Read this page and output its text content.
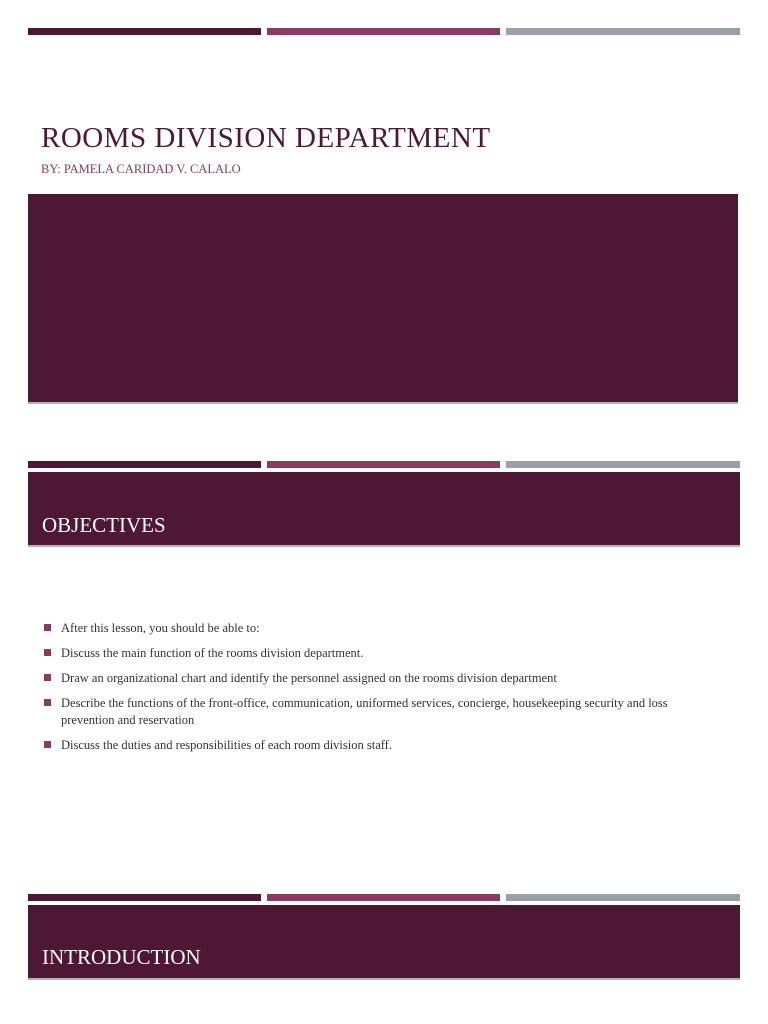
ROOMS DIVISION DEPARTMENT
BY: PAMELA CARIDAD V. CALALO
OBJECTIVES
After this lesson, you should be able to:
Discuss the main function of the rooms division department.
Draw an organizational chart and identify the personnel assigned on the rooms division department
Describe the functions of the front-office, communication, uniformed services, concierge, housekeeping security and loss prevention and reservation
Discuss the duties and responsibilities of each room division staff.
INTRODUCTION
